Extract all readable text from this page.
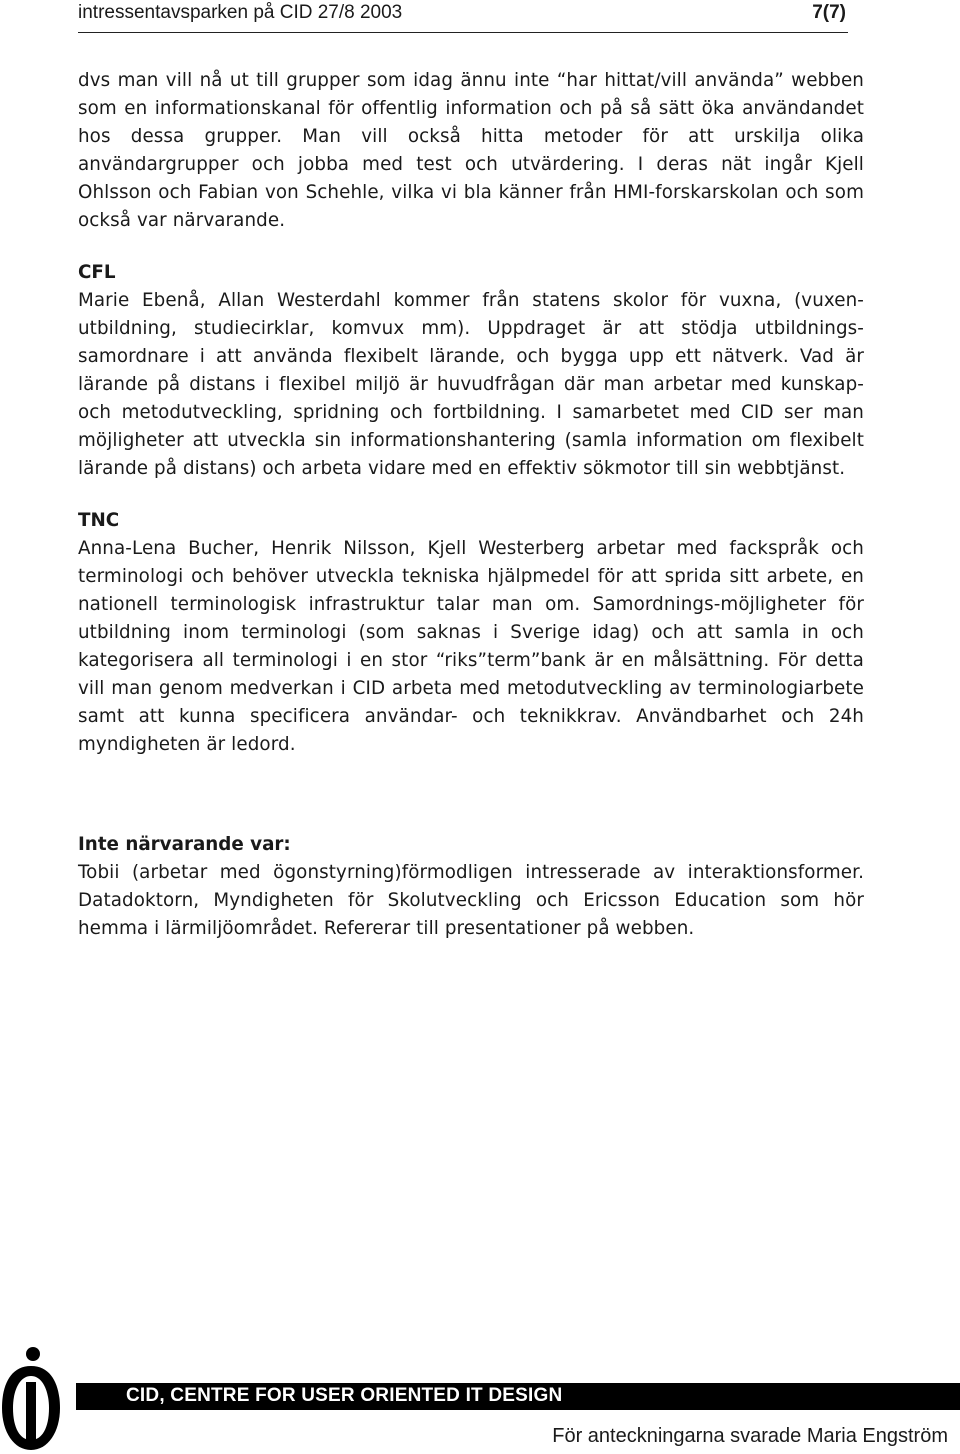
intressentavsparken på CID 27/8 2003	7(7)

dvs man vill nå ut till grupper som idag ännu inte “har hittat/vill använda” webben som en informationskanal för offentlig information och på så sätt öka användandet hos dessa grupper. Man vill också hitta metoder för att urskilja olika användargrupper och jobba med test och utvärdering. I deras nät ingår Kjell Ohlsson och Fabian von Schehle, vilka vi bla känner från HMI-forskarskolan och som också var närvarande.

CFL

Marie Ebenå, Allan Westerdahl kommer från statens skolor för vuxna, (vuxen-utbildning, studiecirklar, komvux mm). Uppdraget är att stödja utbildnings-samordnare i att använda flexibelt lärande, och bygga upp ett nätverk. Vad är lärande på distans i flexibel miljö är huvudfrågan där man arbetar med kunskap- och metodutveckling, spridning och fortbildning. I samarbetet med CID ser man möjligheter att utveckla sin informationshantering (samla information om flexibelt lärande på distans) och arbeta vidare med en effektiv sökmotor till sin webbtjänst.

TNC

Anna-Lena Bucher, Henrik Nilsson, Kjell Westerberg arbetar med fackspråk och terminologi och behöver utveckla tekniska hjälpmedel för att sprida sitt arbete, en nationell terminologisk infrastruktur talar man om. Samordnings-möjligheter för utbildning inom terminologi (som saknas i Sverige idag) och att samla in och kategorisera all terminologi i en stor “riks”term”bank är en målsättning. För detta vill man genom medverkan i CID arbeta med metodutveckling av terminologiarbete samt att kunna specificera användar- och teknikkrav. Användbarhet och 24h myndigheten är ledord.

Inte närvarande var:

Tobii (arbetar med ögonstyrning)förmodligen intresserade av interaktionsformer. Datadoktorn, Myndigheten för Skolutveckling och Ericsson Education som hör hemma i lärmiljöområdet. Refererar till presentationer på webben.

CID, CENTRE FOR USER ORIENTED IT DESIGN
För anteckningarna svarade Maria Engström
